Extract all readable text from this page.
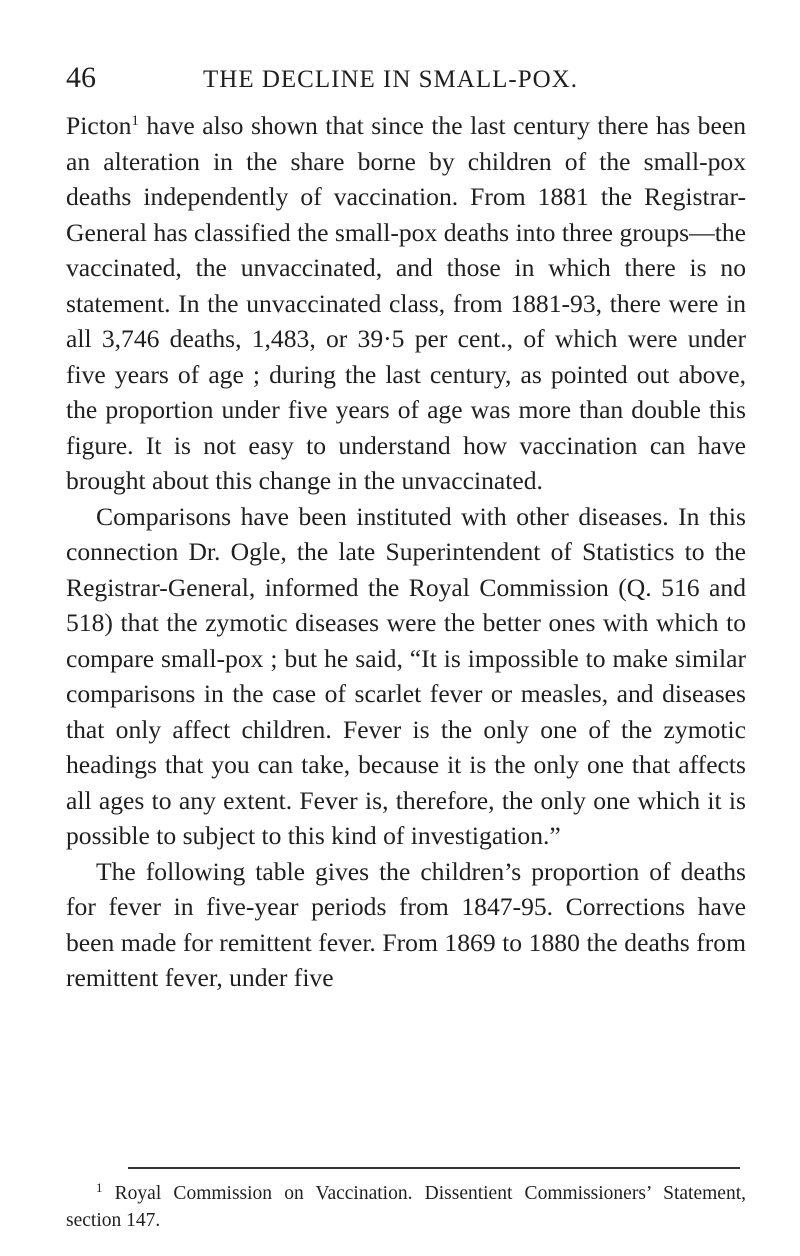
46	THE DECLINE IN SMALL-POX.

Picton$^1$ have also shown that since the last century there has been an alteration in the share borne by children of the small-pox deaths independently of vaccination. From 1881 the Registrar-General has classified the small-pox deaths into three groups—the vaccinated, the unvaccinated, and those in which there is no statement. In the unvaccinated class, from 1881-93, there were in all 3,746 deaths, 1,483, or 39·5 per cent., of which were under five years of age ; during the last century, as pointed out above, the proportion under five years of age was more than double this figure. It is not easy to understand how vaccination can have brought about this change in the unvaccinated.

Comparisons have been instituted with other diseases. In this connection Dr. Ogle, the late Superintendent of Statistics to the Registrar-General, informed the Royal Commission (Q. 516 and 518) that the zymotic diseases were the better ones with which to compare small-pox ; but he said, “It is impossible to make similar comparisons in the case of scarlet fever or measles, and diseases that only affect children. Fever is the only one of the zymotic headings that you can take, because it is the only one that affects all ages to any extent. Fever is, therefore, the only one which it is possible to subject to this kind of investigation.”

The following table gives the children’s proportion of deaths for fever in five-year periods from 1847-95. Corrections have been made for remittent fever. From 1869 to 1880 the deaths from remittent fever, under five

$^1$ Royal Commission on Vaccination. Dissentient Commissioners’ Statement, section 147.
